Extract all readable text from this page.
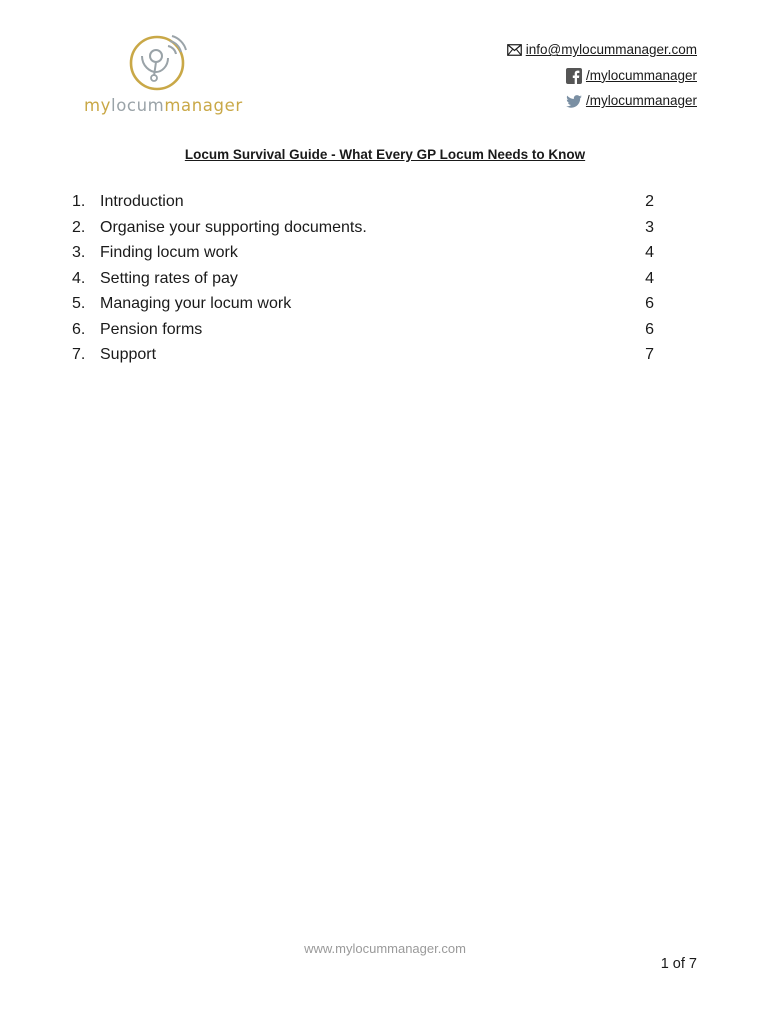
mylocummanager
info@mylocummanager.com
/mylocummanager
/mylocummanager
Locum Survival Guide - What Every GP Locum Needs to Know
1. Introduction	2
2. Organise your supporting documents.	3
3. Finding locum work	4
4. Setting rates of pay	4
5. Managing your locum work	6
6. Pension forms	6
7. Support	7
www.mylocummanager.com
1 of 7
